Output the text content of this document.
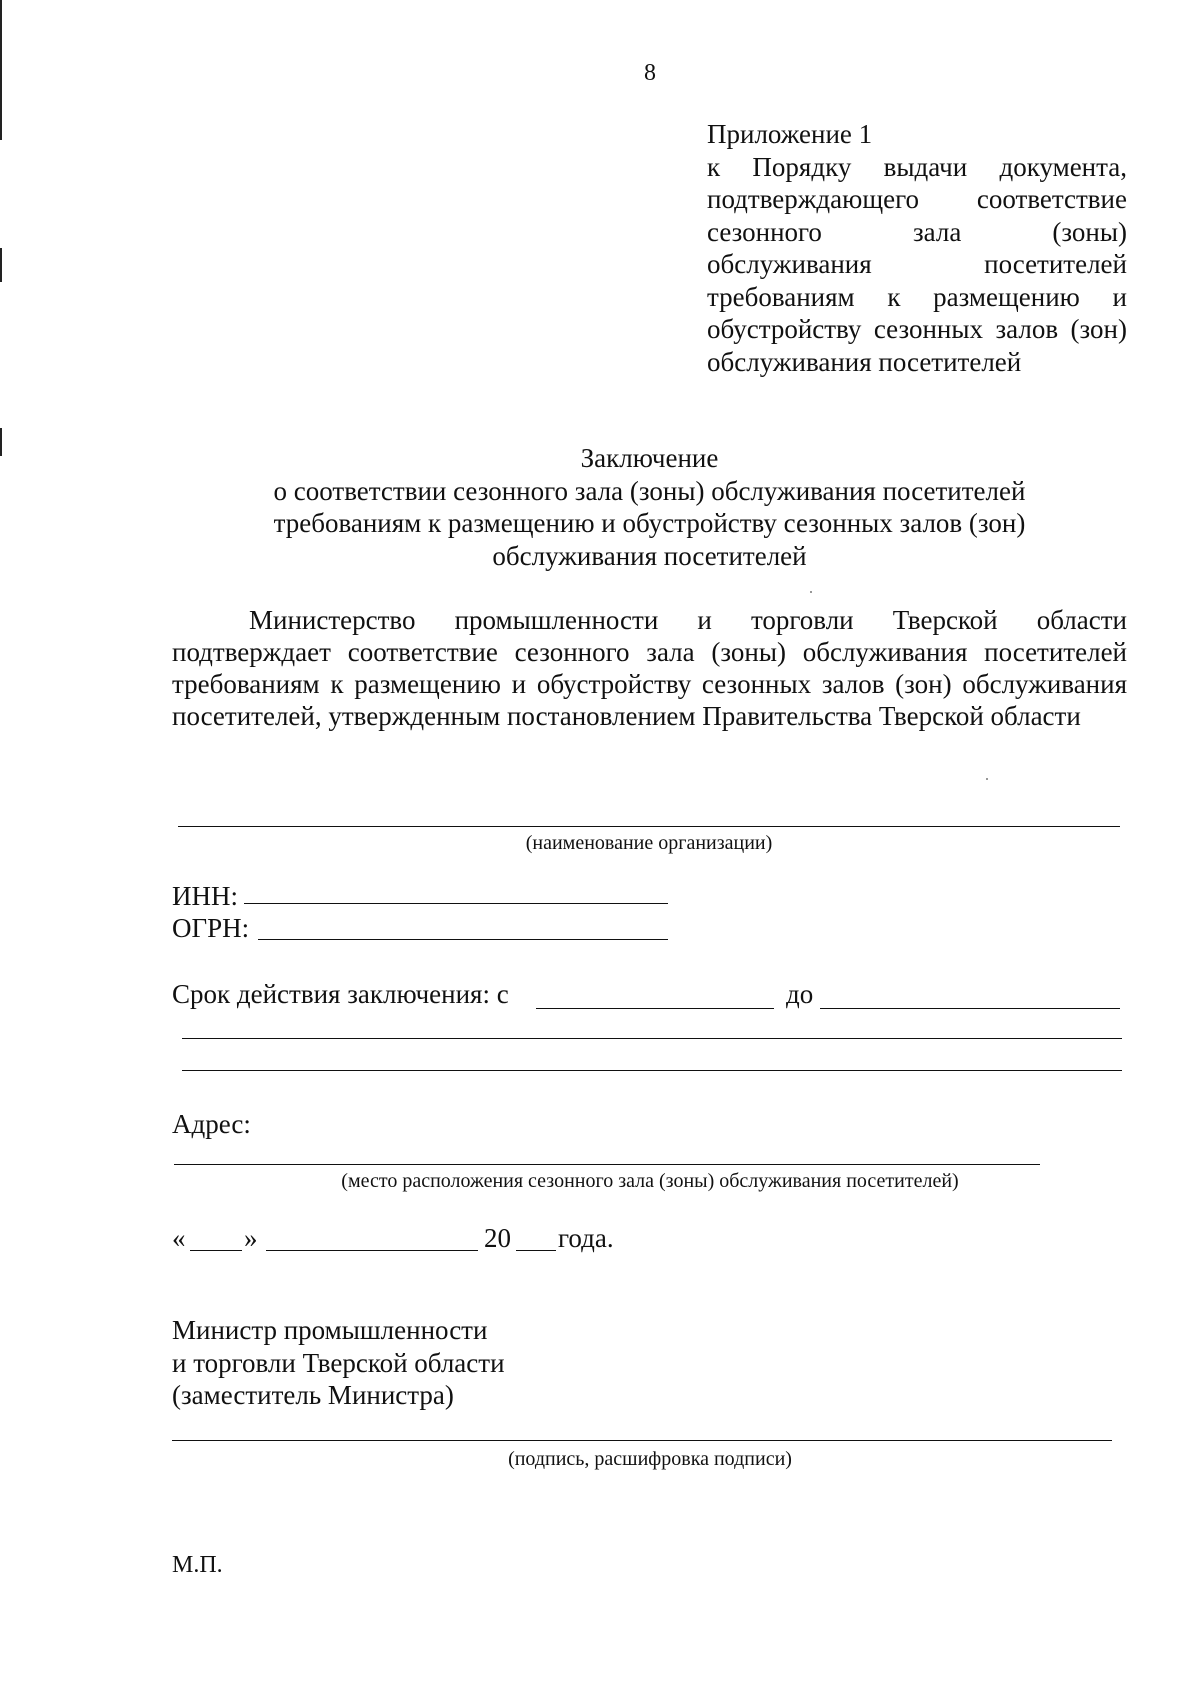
8
Приложение 1
к Порядку выдачи документа, подтверждающего соответствие сезонного зала (зоны) обслуживания посетителей требованиям к размещению и обустройству сезонных залов (зон) обслуживания посетителей
Заключение
о соответствии сезонного зала (зоны) обслуживания посетителей
требованиям к размещению и обустройству сезонных залов (зон)
обслуживания посетителей
Министерство промышленности и торговли Тверской области подтверждает соответствие сезонного зала (зоны) обслуживания посетителей требованиям к размещению и обустройству сезонных залов (зон) обслуживания посетителей, утвержденным постановлением Правительства Тверской области
(наименование организации)
ИНН:
ОГРН:
Срок действия заключения: с	до
Адрес:
(место расположения сезонного зала (зоны) обслуживания посетителей)
« »	20 года.
Министр промышленности
и торговли Тверской области
(заместитель Министра)
(подпись, расшифровка подписи)
М.П.
